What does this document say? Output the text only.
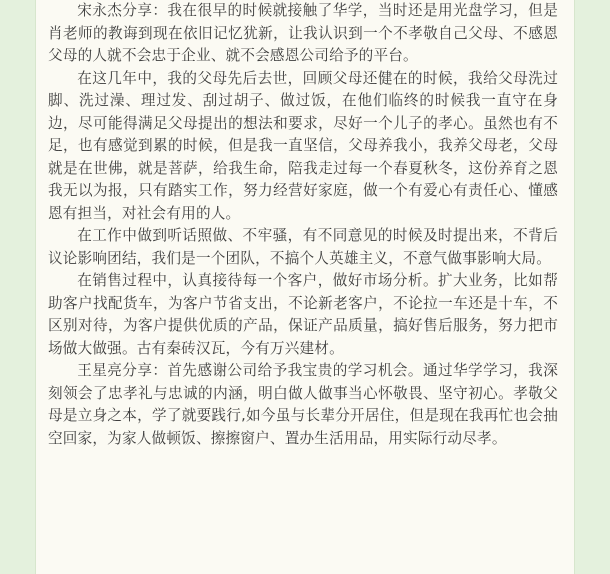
宋永杰分享：我在很早的时候就接触了华学，当时还是用光盘学习，但是肖老师的教诲到现在依旧记忆犹新，让我认识到一个不孝敬自己父母、不感恩父母的人就不会忠于企业、就不会感恩公司给予的平台。

在这几年中，我的父母先后去世，回顾父母还健在的时候，我给父母洗过脚、洗过澡、理过发、刮过胡子、做过饭，在他们临终的时候我一直守在身边，尽可能得满足父母提出的想法和要求，尽好一个儿子的孝心。虽然也有不足，也有感觉到累的时候，但是我一直坚信，父母养我小，我养父母老，父母就是在世佛，就是菩萨，给我生命，陪我走过每一个春夏秋冬，这份养育之恩我无以为报，只有踏实工作，努力经营好家庭，做一个有爱心有责任心、懂感恩有担当，对社会有用的人。

在工作中做到听话照做、不牢骚，有不同意见的时候及时提出来，不背后议论影响团结，我们是一个团队，不搞个人英雄主义，不意气做事影响大局。

在销售过程中，认真接待每一个客户，做好市场分析。扩大业务，比如帮助客户找配货车，为客户节省支出，不论新老客户，不论拉一车还是十车，不区别对待，为客户提供优质的产品，保证产品质量，搞好售后服务，努力把市场做大做强。古有秦砖汉瓦，今有万兴建材。

王星亮分享：首先感谢公司给予我宝贵的学习机会。通过华学学习，我深刻领会了忠孝礼与忠诚的内涵，明白做人做事当心怀敬畏、坚守初心。孝敬父母是立身之本，学了就要践行,如今虽与长辈分开居住，但是现在我再忙也会抽空回家，为家人做顿饭、擦擦窗户、置办生活用品，用实际行动尽孝。
